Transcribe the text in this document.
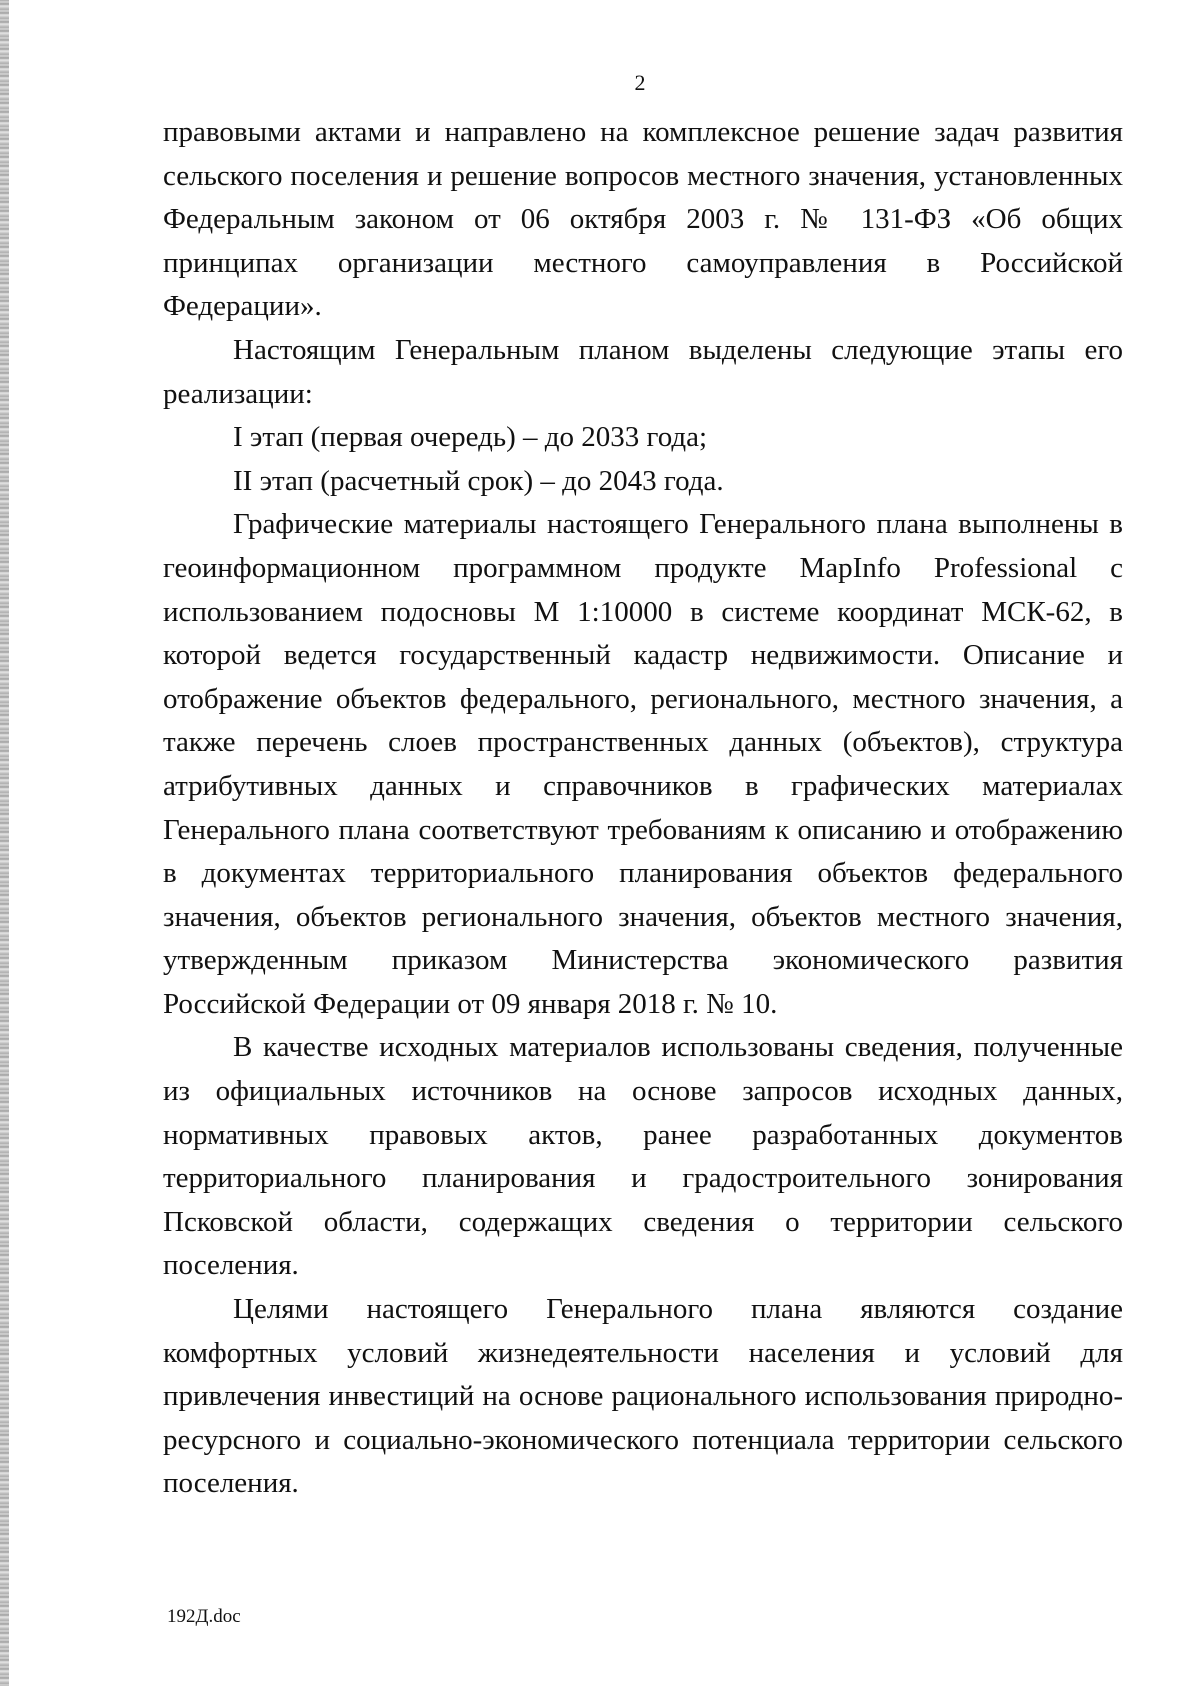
2

правовыми актами и направлено на комплексное решение задач развития сельского поселения и решение вопросов местного значения, установленных Федеральным законом от 06 октября 2003 г. № 131-ФЗ «Об общих принципах организации местного самоуправления в Российской Федерации».

Настоящим Генеральным планом выделены следующие этапы его реализации:

I этап (первая очередь) – до 2033 года;

II этап (расчетный срок) – до 2043 года.

Графические материалы настоящего Генерального плана выполнены в геоинформационном программном продукте MapInfo Professional с использованием подосновы М 1:10000 в системе координат МСК-62, в которой ведется государственный кадастр недвижимости. Описание и отображение объектов федерального, регионального, местного значения, а также перечень слоев пространственных данных (объектов), структура атрибутивных данных и справочников в графических материалах Генерального плана соответствуют требованиям к описанию и отображению в документах территориального планирования объектов федерального значения, объектов регионального значения, объектов местного значения, утвержденным приказом Министерства экономического развития Российской Федерации от 09 января 2018 г. № 10.

В качестве исходных материалов использованы сведения, полученные из официальных источников на основе запросов исходных данных, нормативных правовых актов, ранее разработанных документов территориального планирования и градостроительного зонирования Псковской области, содержащих сведения о территории сельского поселения.

Целями настоящего Генерального плана являются создание комфортных условий жизнедеятельности населения и условий для привлечения инвестиций на основе рационального использования природно-ресурсного и социально-экономического потенциала территории сельского поселения.

192Д.doc
